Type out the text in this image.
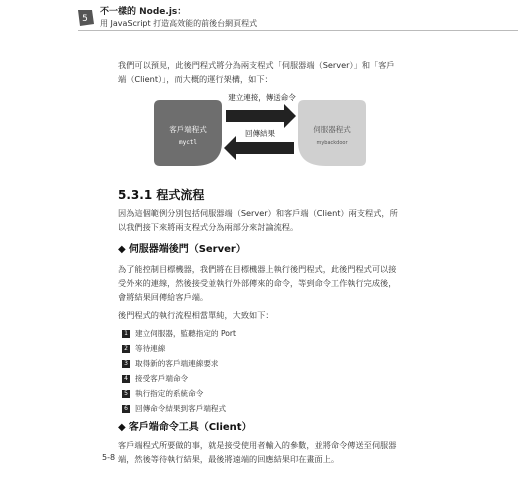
5
不一樣的 Node.js：
用 JavaScript 打造高效能的前後台網頁程式
我們可以預見，此後門程式將分為兩支程式「伺服器端（Server）」和「客戶
端（Client）」，而大概的運行架構，如下：
客戶端程式
myctl
伺服器程式
mybackdoor
建立連接，傳送命令
回傳結果
5.3.1 程式流程
因為這個範例分別包括伺服器端（Server）和客戶端（Client）兩支程式，所
以我們接下來將兩支程式分為兩部分來討論流程。
◆ 伺服器端後門（Server）
為了能控制目標機器，我們將在目標機器上執行後門程式，此後門程式可以接
受外來的連線，然後接受並執行外部傳來的命令，等到命令工作執行完成後，
會將結果回傳給客戶端。
後門程式的執行流程相當單純，大致如下：
1 建立伺服器，監聽指定的 Port
2 等待連線
3 取得新的客戶端連線要求
4 接受客戶端命令
5 執行指定的系統命令
6 回傳命令結果到客戶端程式
◆ 客戶端命令工具（Client）
客戶端程式所要做的事，就是接受使用者輸入的參數，並將命令傳送至伺服器
端，然後等待執行結果，最後將遠端的回應結果印在畫面上。
5-8
